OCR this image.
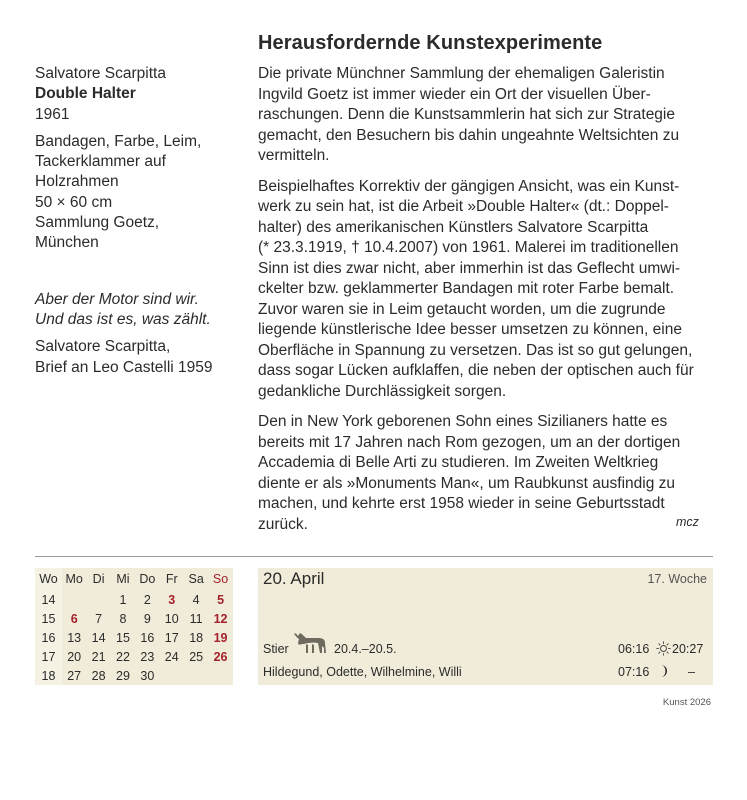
Salvatore Scarpitta
Double Halter
1961
Bandagen, Farbe, Leim,
Tackerklammer auf
Holzrahmen
50 × 60 cm
Sammlung Goetz,
München
Aber der Motor sind wir.
Und das ist es, was zählt.
Salvatore Scarpitta,
Brief an Leo Castelli 1959
Herausfordernde Kunstexperimente
Die private Münchner Sammlung der ehemaligen Galeristin
Ingvild Goetz ist immer wieder ein Ort der visuellen Über-
raschungen. Denn die Kunstsammlerin hat sich zur Strategie
gemacht, den Besuchern bis dahin ungeahnte Weltsichten zu
vermitteln.
Beispielhaftes Korrektiv der gängigen Ansicht, was ein Kunst-
werk zu sein hat, ist die Arbeit »Double Halter« (dt.: Doppel-
halter) des amerikanischen Künstlers Salvatore Scarpitta
(* 23.3.1919, † 10.4.2007) von 1961. Malerei im traditionellen
Sinn ist dies zwar nicht, aber immerhin ist das Geflecht umwi-
ckelter bzw. geklammerter Bandagen mit roter Farbe bemalt.
Zuvor waren sie in Leim getaucht worden, um die zugrunde
liegende künstlerische Idee besser umsetzen zu können, eine
Oberfläche in Spannung zu versetzen. Das ist so gut gelungen,
dass sogar Lücken aufklaffen, die neben der optischen auch für
gedankliche Durchlässigkeit sorgen.
Den in New York geborenen Sohn eines Sizilianers hatte es
bereits mit 17 Jahren nach Rom gezogen, um an der dortigen
Accademia di Belle Arti zu studieren. Im Zweiten Weltkrieg
diente er als »Monuments Man«, um Raubkunst ausfindig zu
machen, und kehrte erst 1958 wieder in seine Geburtsstadt
zurück.	mcz
Wo	Mo	Di	Mi	Do	Fr	Sa	So
14			1	2	3	4	5
15	6	7	8	9	10	11	12
16	13	14	15	16	17	18	19
17	20	21	22	23	24	25	26
18	27	28	29	30			
20. April	17. Woche
Stier	20.4.–20.5.
Hildegund, Odette, Wilhelmine, Willi
06:16 20:27
07:16	–
Kunst 2026
